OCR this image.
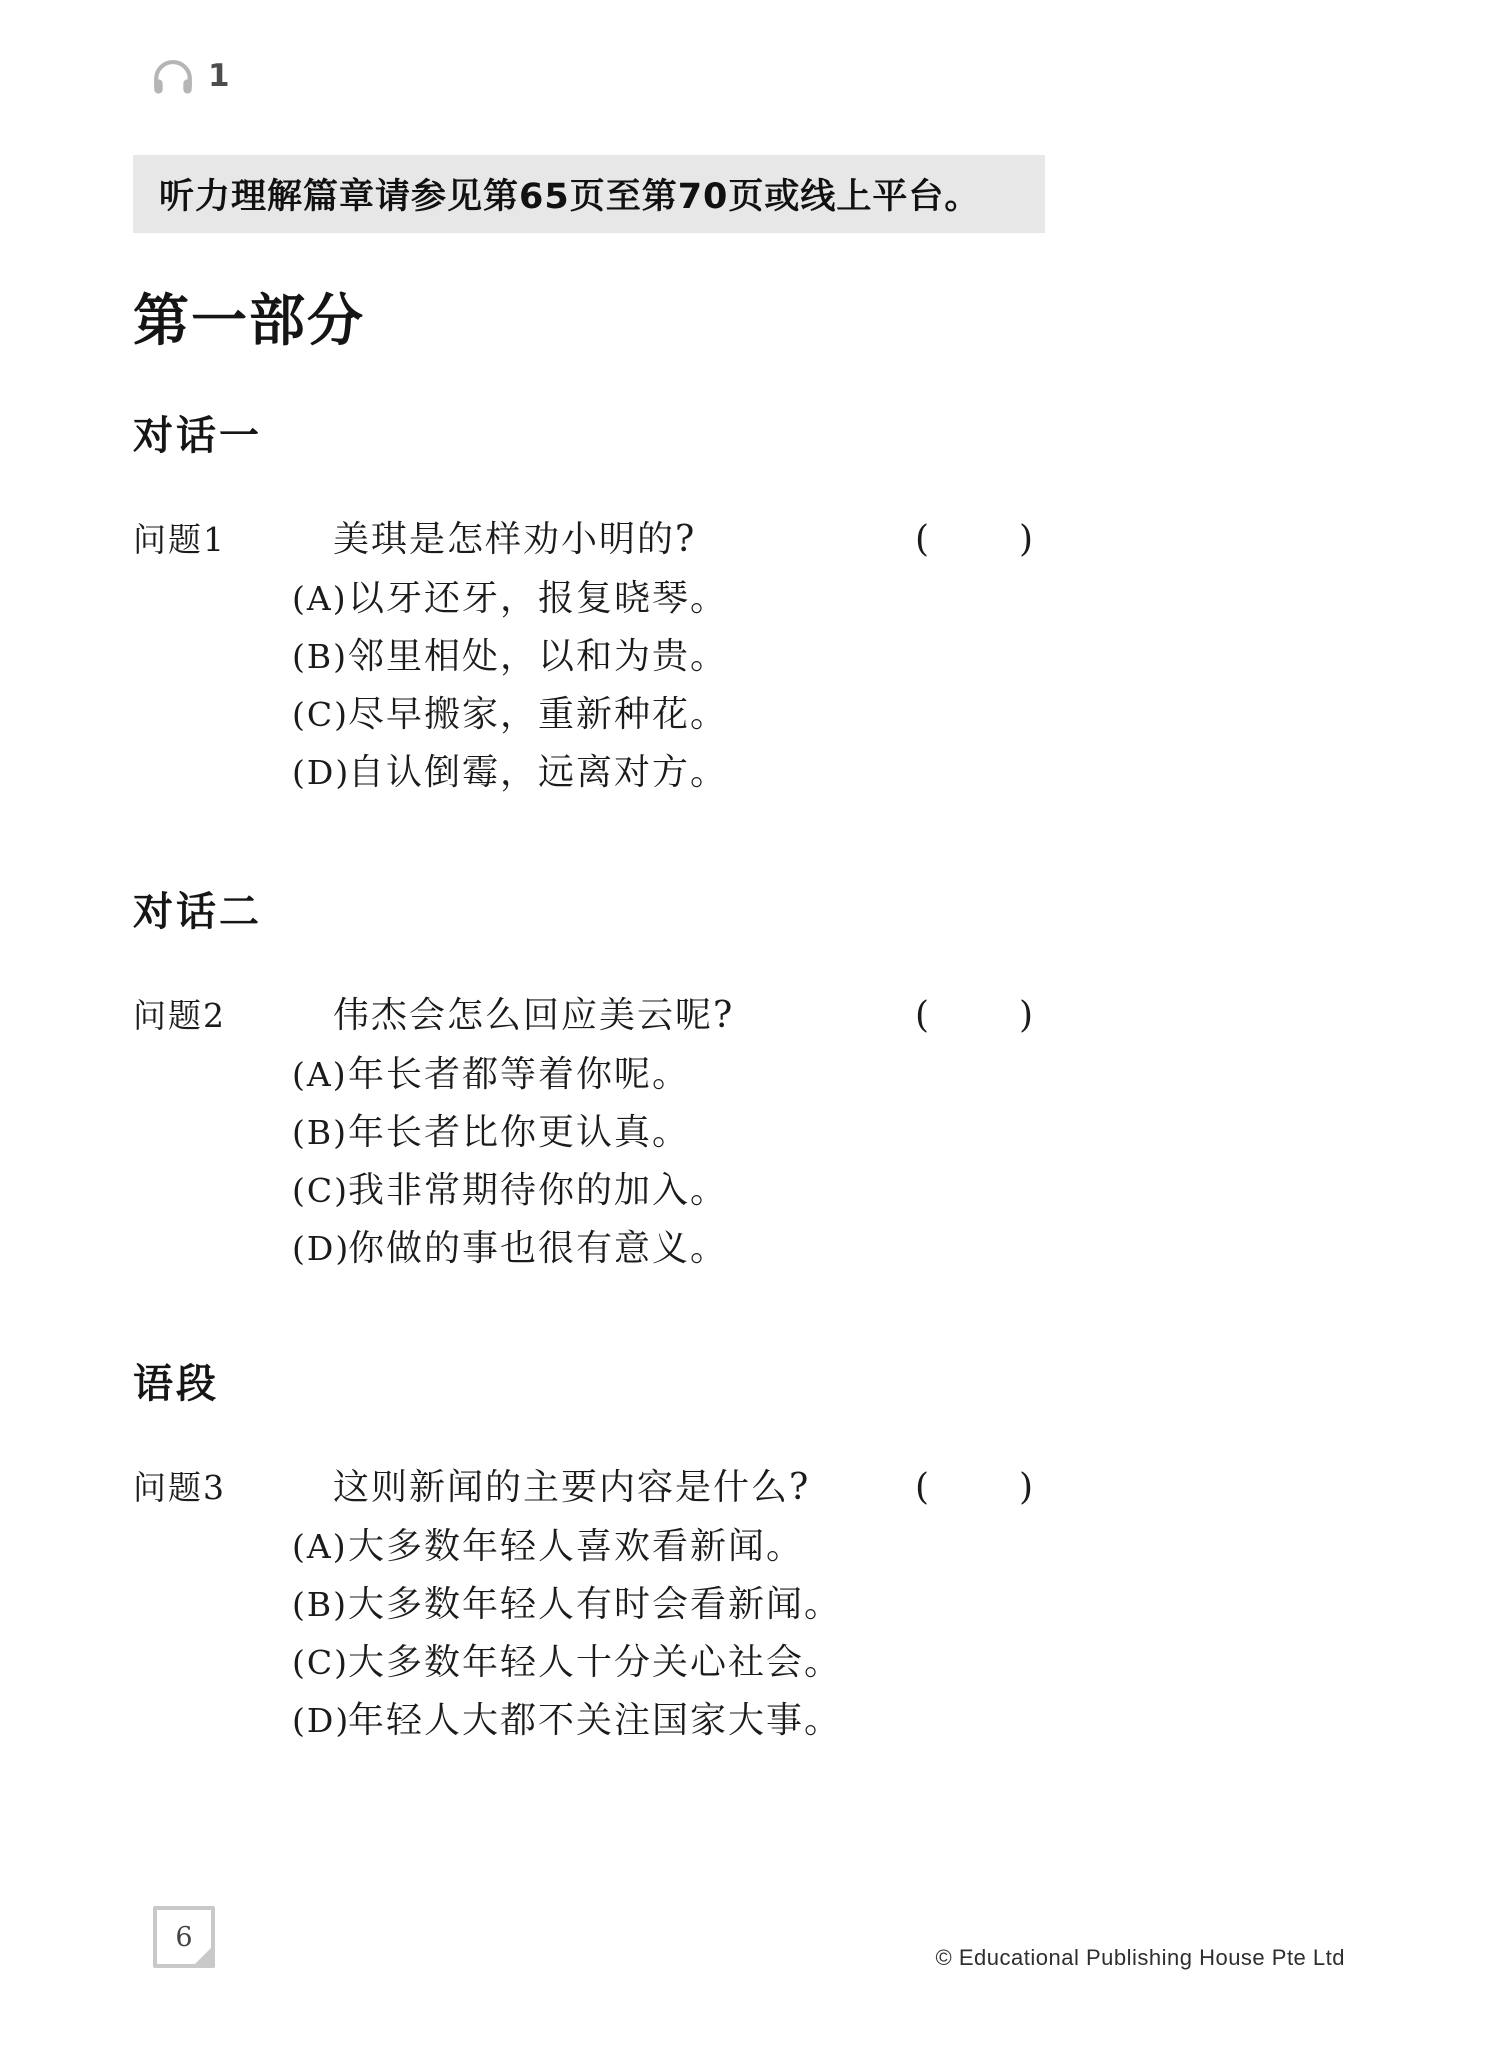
1
听力理解篇章请参见第65页至第70页或线上平台。
第一部分
对话一
问题1	美琪是怎样劝小明的?	( )
(A) 以牙还牙，报复晓琴。
(B) 邻里相处，以和为贵。
(C) 尽早搬家，重新种花。
(D)
自认倒霉，远离对方。
对话二
问题2	伟杰会怎么回应美云呢?	( )
(A) 年长者都等着你呢。
(B) 年长者比你更认真。
(C) 我非常期待你的加入。
(D)
你做的事也很有意义。
语段
问题3	这则新闻的主要内容是什么?	( )
(A) 大多数年轻人喜欢看新闻。
(B) 大多数年轻人有时会看新闻。
(C) 大多数年轻人十分关心社会。
(D)
年轻人大都不关注国家大事。
6
© Educational Publishing House Pte Ltd
